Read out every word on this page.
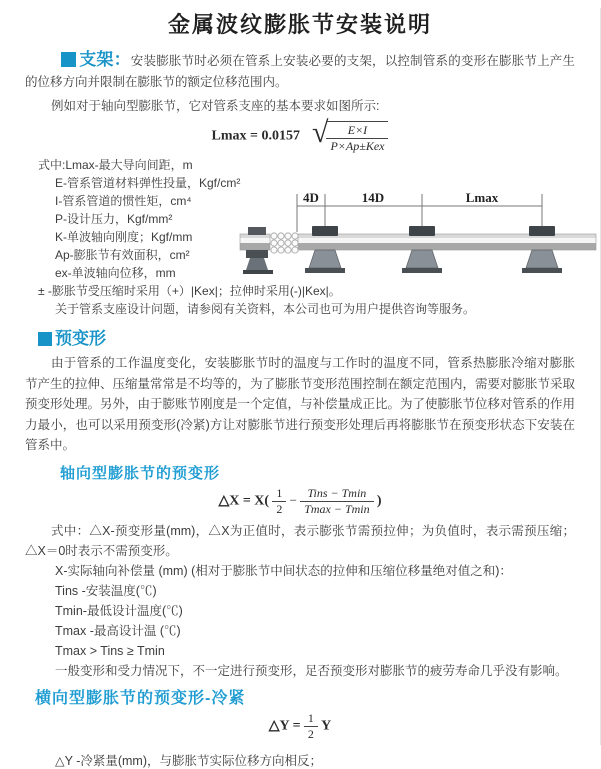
金属波纹膨胀节安装说明

支架：安装膨胀节时必须在管系上安装必要的支架，以控制管系的变形在膨胀节上产生的位移方向并限制在膨胀节的额定位移范围内。

例如对于轴向型膨胀节，它对管系支座的基本要求如图所示:

Lmax = 0.0157 √
$\frac{E\times I}{\text{P×Ap±Kex}}$
式中:Lmax-最大导向间距，m
E-管系管道材料弹性投量，Kgf/cm²
I-管系管道的惯性矩，cm⁴
P-设计压力，Kgf/mm²
K-单波轴向刚度；Kgf/mm
Ap-膨胀节有效面积，cm²
ex-单波轴向位移，mm
± -膨胀节受压缩时采用（+）|Kex|；拉伸时采用(-)|Kex|。
关于管系支座设计问题，请参阅有关资料，本公司也可为用户提供咨询等服务。
4D	14D	Lmax
预变形

由于管系的工作温度变化，安装膨胀节时的温度与工作时的温度不同，管系热膨胀冷缩对膨胀节产生的拉伸、压缩量常常是不均等的，为了膨胀节变形范围控制在额定范围内，需要对膨胀节采取预变形处理。另外，由于膨账节刚度是一个定值，与补偿量成正比。为了使膨胀节位移对管系的作用力最小，也可以采用预变形(冷紧)方让对膨胀节进行预变形处理后再将膨胀节在预变形状态下安装在管系中。

轴向型膨胀节的预变形
△X = $X( \frac{1}{2} - \frac{\text{Tins − Tmin}}{Tmax - Tmin}$ )

式中：△X-预变形量(mm)，△X为正值时，表示膨张节需预拉伸；为负值时，表示需预压缩；△X＝0时表示不需预变形。

X-实际轴向补偿量 (mm) (相对于膨胀节中间状态的拉伸和压缩位移量绝对值之和)：
Tins -安装温度(℃)
Tmin-最低设计温度(℃)
Tmax -最高设计温 (℃)
Tmax > Tins ≥ Tmin
一般变形和受力情况下，不一定进行预变形，足否预变形对膨胀节的疲劳寿命几乎没有影响。
横向型膨胀节的预变形-冷紧
△Y = $\frac{1}{2}$ Y

△Y -冷紧量(mm)，与膨胀节实际位移方向相反；
